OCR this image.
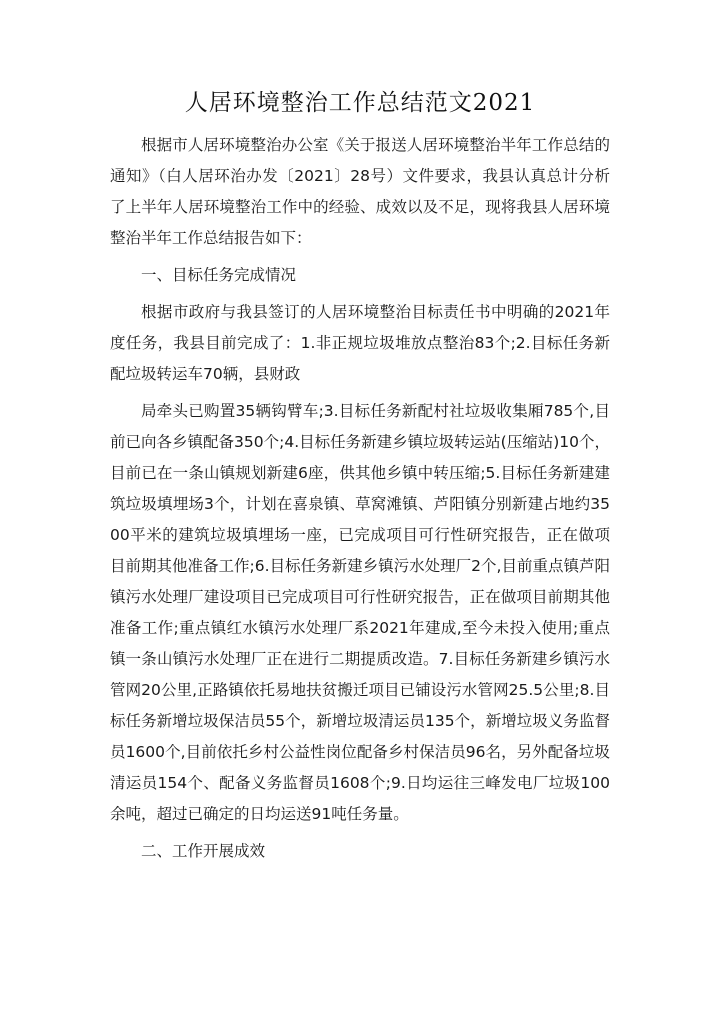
人居环境整治工作总结范文2021

根据市人居环境整治办公室《关于报送人居环境整治半年工作总结的通知》（白人居环治办发〔2021〕28号）文件要求，我县认真总计分析了上半年人居环境整治工作中的经验、成效以及不足，现将我县人居环境整治半年工作总结报告如下：

一、目标任务完成情况

根据市政府与我县签订的人居环境整治目标责任书中明确的2021年度任务，我县目前完成了：1.非正规垃圾堆放点整治83个;2.目标任务新配垃圾转运车70辆，县财政

局牵头已购置35辆钩臂车;3.目标任务新配村社垃圾收集厢785个,目前已向各乡镇配备350个;4.目标任务新建乡镇垃圾转运站(压缩站)10个，目前已在一条山镇规划新建6座，供其他乡镇中转压缩;5.目标任务新建建筑垃圾填埋场3个，计划在喜泉镇、草窝滩镇、芦阳镇分别新建占地约3500平米的建筑垃圾填埋场一座，已完成项目可行性研究报告，正在做项目前期其他准备工作;6.目标任务新建乡镇污水处理厂2个,目前重点镇芦阳镇污水处理厂建设项目已完成项目可行性研究报告，正在做项目前期其他准备工作;重点镇红水镇污水处理厂系2021年建成,至今未投入使用;重点镇一条山镇污水处理厂正在进行二期提质改造。7.目标任务新建乡镇污水管网20公里,正路镇依托易地扶贫搬迁项目已铺设污水管网25.5公里;8.目标任务新增垃圾保洁员55个，新增垃圾清运员135个，新增垃圾义务监督员1600个,目前依托乡村公益性岗位配备乡村保洁员96名，另外配备垃圾清运员154个、配备义务监督员1608个;9.日均运往三峰发电厂垃圾100余吨，超过已确定的日均运送91吨任务量。

二、工作开展成效
